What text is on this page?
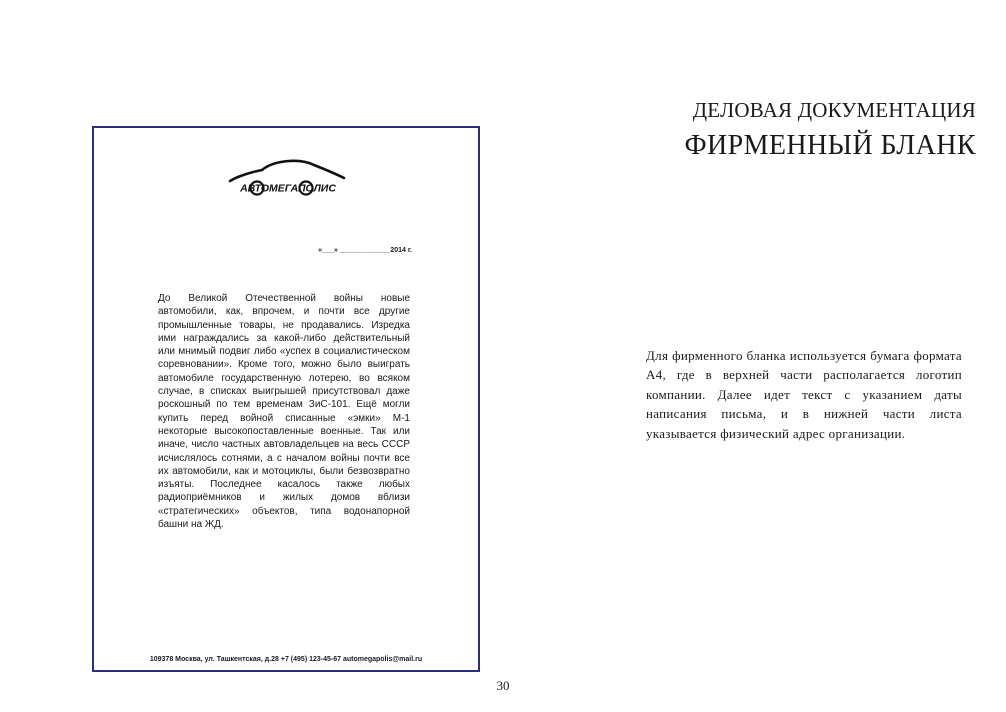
АВТОМЕГАПОЛИС
«___» _____________2014 г.

До Великой Отечественной войны новые автомобили, как, впрочем, и почти все другие промышленные товары, не продавались. Изредка ими награждались за какой-либо действительный или мнимый подвиг либо «успех в социалистическом соревновании». Кроме того, можно было выиграть автомобиле государственную лотерею, во всяком случае, в списках выигрышей присутствовал даже роскошный по тем временам ЗиС-101. Ещё могли купить перед войной списанные «эмки» М-1 некоторые высокопоставленные военные. Так или иначе, число частных автовладельцев на весь СССР исчислялось сотнями, а с началом войны почти все их автомобили, как и мотоциклы, были безвозвратно изъяты. Последнее касалось также любых радиоприёмников и жилых домов вблизи «стратегических» объектов, типа водонапорной башни на ЖД.

109378 Москва, ул. Ташкентская, д.28 +7 (495) 123-45-67 automegapolis@mail.ru
ДЕЛОВАЯ ДОКУМЕНТАЦИЯ
ФИРМЕННЫЙ БЛАНК

Для фирменного бланка используется бумага формата А4, где в верхней части располагается логотип компании. Далее идет текст с указанием даты написания письма, и в нижней части листа указывается физический адрес организации.

30
